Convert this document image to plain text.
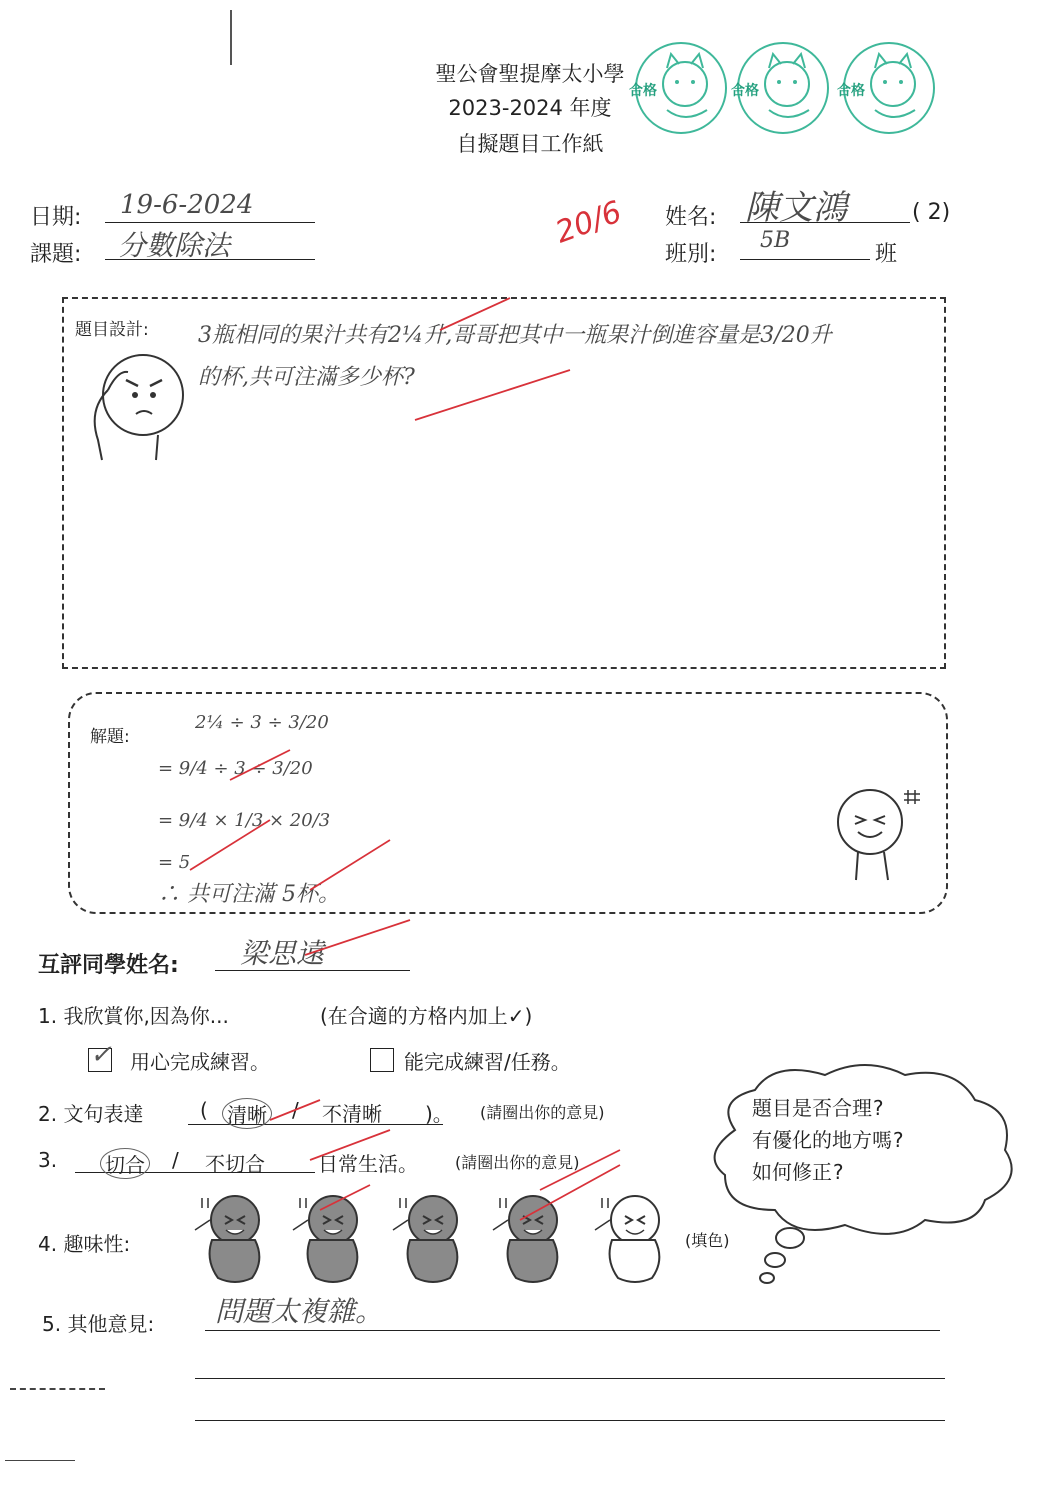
聖公會聖提摩太小學
2023-2024 年度
自擬題目工作紙
合格	合格	合格
日期: 19-6-2024
課題: 分數除法
姓名: 陳文鴻	( 2)
班別:
5B
班
20/6
題目設計: 3瓶相同的果汁共有2¼升,哥哥把其中一瓶果汁倒進容量是3/20升
的杯,共可注滿多少杯?
解題:
2¼ ÷ 3 ÷ 3/20
= 9/4 ÷ 3 ÷ 3/20
= 9/4 × 1/3 × 20/3
= 5
∴ 共可注滿 5杯。
互評同學姓名: 梁思遠
1. 我欣賞你,因為你...	(在合適的方格内加上✓)
✓ 用心完成練習。	能完成練習/任務。
2. 文句表達	( 清晰 / 不清晰 )。 (請圈出你的意見)
3. 切合 / 不切合	日常生活。 (請圈出你的意見)
4. 趣味性:	(填色)
5. 其他意見: 問題太複雜。
題目是否合理?
有優化的地方嗎?
如何修正?
